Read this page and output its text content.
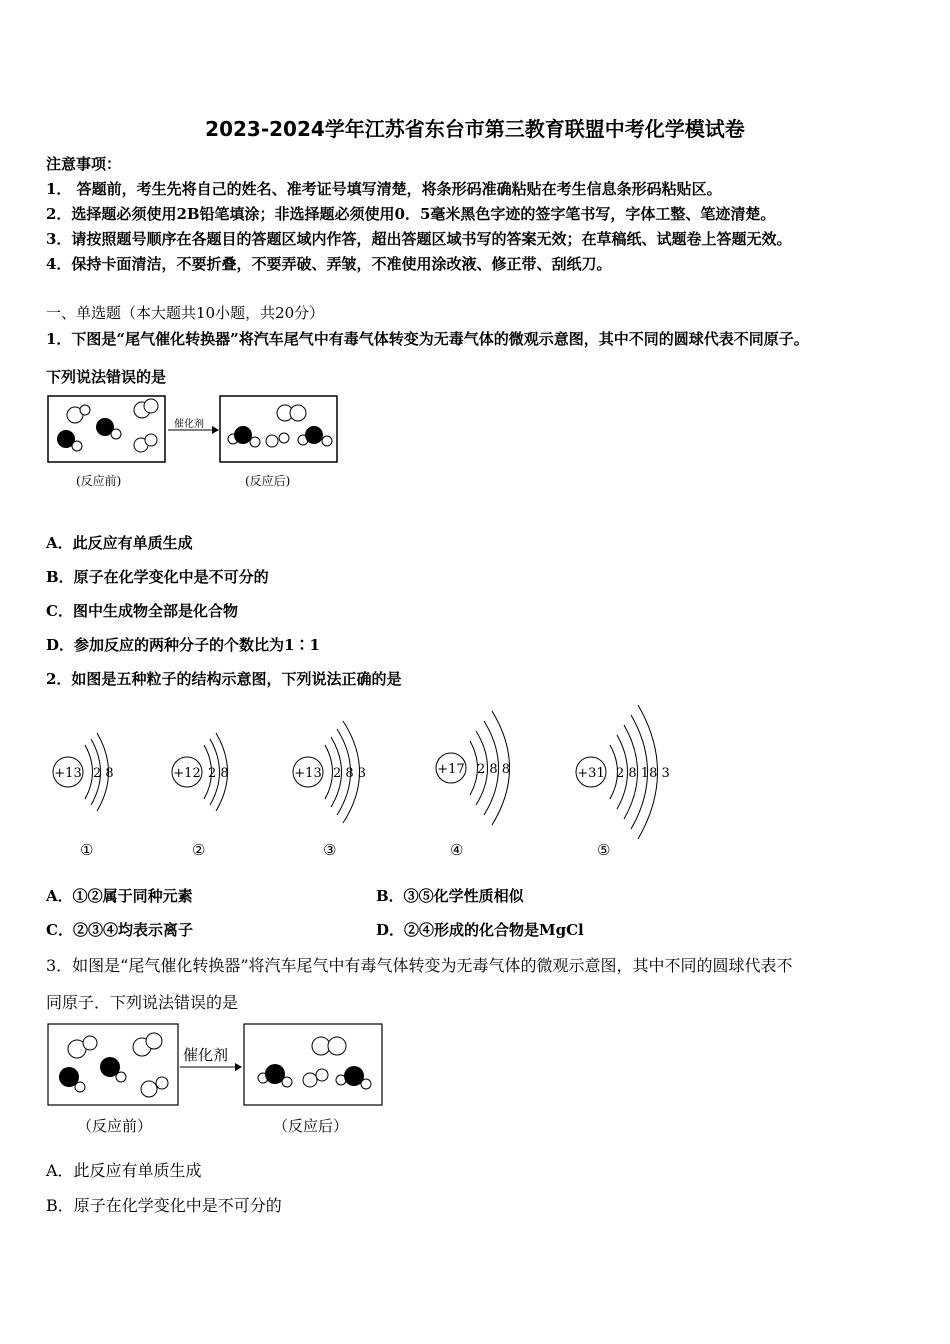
2023-2024学年江苏省东台市第三教育联盟中考化学模试卷
注意事项：
1． 答题前，考生先将自己的姓名、准考证号填写清楚，将条形码准确粘贴在考生信息条形码粘贴区。
2．选择题必须使用2B铅笔填涂；非选择题必须使用0．5毫米黑色字迹的签字笔书写，字体工整、笔迹清楚。
3．请按照题号顺序在各题目的答题区域内作答，超出答题区域书写的答案无效；在草稿纸、试题卷上答题无效。
4．保持卡面清洁，不要折叠，不要弄破、弄皱，不准使用涂改液、修正带、刮纸刀。
一、单选题（本大题共10小题，共20分）
1．下图是“尾气催化转换器”将汽车尾气中有毒气体转变为无毒气体的微观示意图，其中不同的圆球代表不同原子。
下列说法错误的是
催化剂
(反应前)	(反应后)
A．此反应有单质生成
B．原子在化学变化中是不可分的
C．图中生成物全部是化合物
D．参加反应的两种分子的个数比为1∶1
2．如图是五种粒子的结构示意图，下列说法正确的是
+13 2 8
①
+12 2 8
②
+13 2 8 3
③
+17 2 8 8
④
+31 2 8 18 3
⑤
A．①②属于同种元素	B．③⑤化学性质相似
C．②③④均表示离子	D．②④形成的化合物是MgCl
3．如图是“尾气催化转换器”将汽车尾气中有毒气体转变为无毒气体的微观示意图，其中不同的圆球代表不
同原子．下列说法错误的是
催化剂
（反应前）	（反应后）
A．此反应有单质生成
B．原子在化学变化中是不可分的
